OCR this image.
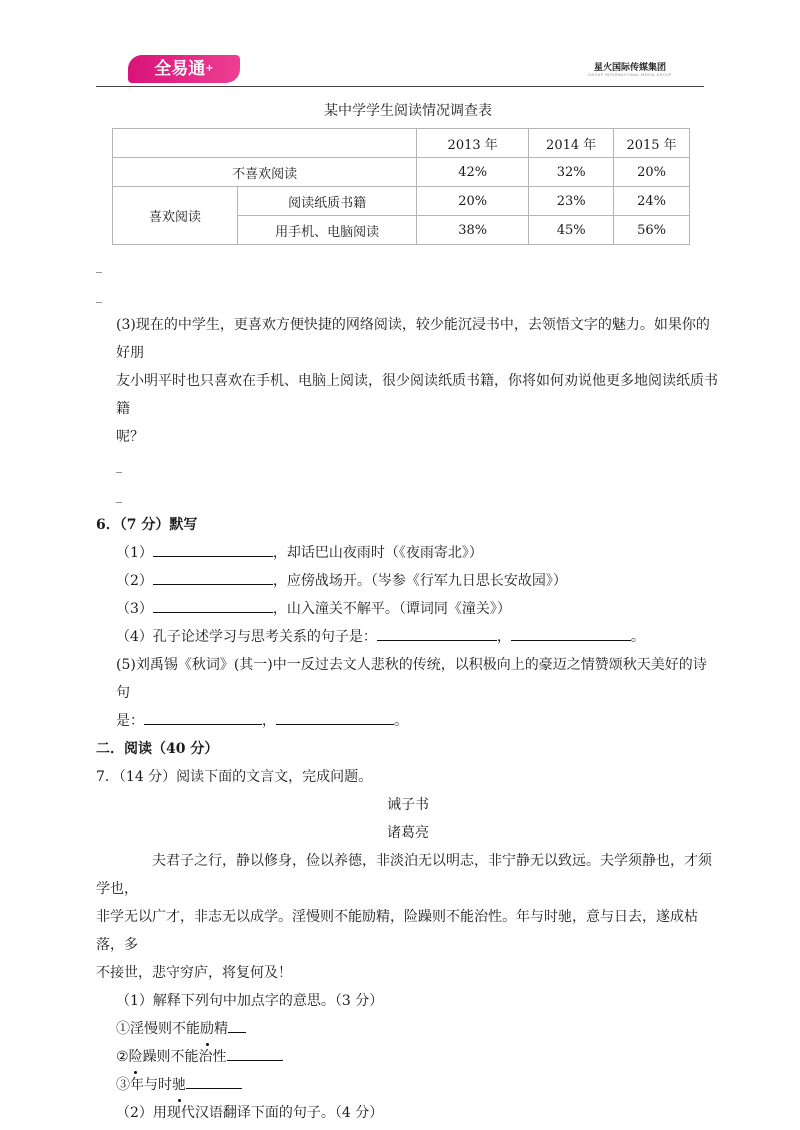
全易通+	星火国际传媒集团
GROUP INTERNATIONAL MEDIA GROUP
某中学学生阅读情况调查表
		2013 年	2014 年	2015 年
不喜欢阅读		42%	32%	20%
喜欢阅读	阅读纸质书籍	20%	23%	24%
	用手机、电脑阅读	38%	45%	56%
_
_

(3)现在的中学生，更喜欢方便快捷的网络阅读，较少能沉浸书中，去领悟文字的魅力。如果你的好朋

友小明平时也只喜欢在手机、电脑上阅读，很少阅读纸质书籍，你将如何劝说他更多地阅读纸质书籍

呢？

_
_

6．（7 分）默写

（1）	，却话巴山夜雨时（《夜雨寄北》）

（2）	，应傍战场开。（岑参《行军九日思长安故园》）

（3）	，山入潼关不解平。（谭词同《潼关》）

（4）孔子论述学习与思考关系的句子是：	，	。

(5)刘禹锡《秋词》(其一)中一反过去文人悲秋的传统，以积极向上的豪迈之情赞颂秋天美好的诗句

是：	，	。

二．阅读（40 分）

7．（14 分）阅读下面的文言文，完成问题。

诫子书

诸葛亮

夫君子之行，静以修身，俭以养德，非淡泊无以明志，非宁静无以致远。夫学须静也，才须学也，

非学无以广才，非志无以成学。淫慢则不能励精，险躁则不能治性。年与时驰，意与日去，遂成枯落，多

不接世，悲守穷庐，将复何及！

（1）解释下列句中加点字的意思。（3 分）

①淫慢则不能励精

②险躁则不能治性

③年与时驰

（2）用现代汉语翻译下面的句子。（4 分）
